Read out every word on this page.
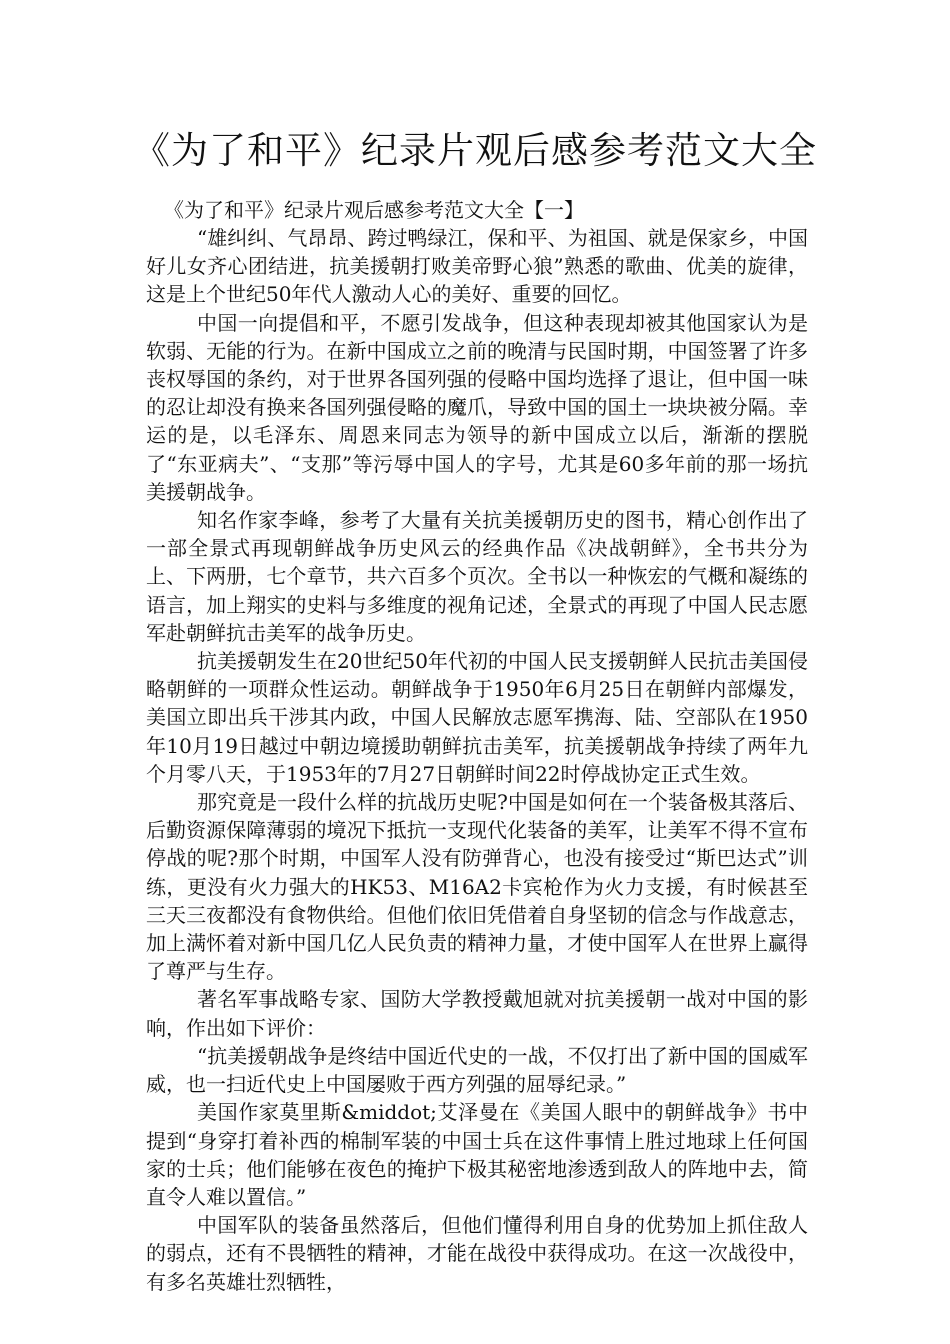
《为了和平》纪录片观后感参考范文大全

《为了和平》纪录片观后感参考范文大全【一】

“雄纠纠、气昂昂、跨过鸭绿江，保和平、为祖国、就是保家乡，中国好儿女齐心团结进，抗美援朝打败美帝野心狼”熟悉的歌曲、优美的旋律，这是上个世纪50年代人激动人心的美好、重要的回忆。

中国一向提倡和平，不愿引发战争，但这种表现却被其他国家认为是软弱、无能的行为。在新中国成立之前的晚清与民国时期，中国签署了许多丧权辱国的条约，对于世界各国列强的侵略中国均选择了退让，但中国一味的忍让却没有换来各国列强侵略的魔爪，导致中国的国土一块块被分隔。幸运的是，以毛泽东、周恩来同志为领导的新中国成立以后，渐渐的摆脱了“东亚病夫”、“支那”等污辱中国人的字号，尤其是60多年前的那一场抗美援朝战争。

知名作家李峰，参考了大量有关抗美援朝历史的图书，精心创作出了一部全景式再现朝鲜战争历史风云的经典作品《决战朝鲜》，全书共分为上、下两册，七个章节，共六百多个页次。全书以一种恢宏的气概和凝练的语言，加上翔实的史料与多维度的视角记述，全景式的再现了中国人民志愿军赴朝鲜抗击美军的战争历史。

抗美援朝发生在20世纪50年代初的中国人民支援朝鲜人民抗击美国侵略朝鲜的一项群众性运动。朝鲜战争于1950年6月25日在朝鲜内部爆发，美国立即出兵干涉其内政，中国人民解放志愿军携海、陆、空部队在1950年10月19日越过中朝边境援助朝鲜抗击美军，抗美援朝战争持续了两年九个月零八天，于1953年的7月27日朝鲜时间22时停战协定正式生效。

那究竟是一段什么样的抗战历史呢?中国是如何在一个装备极其落后、后勤资源保障薄弱的境况下抵抗一支现代化装备的美军，让美军不得不宣布停战的呢?那个时期，中国军人没有防弹背心，也没有接受过“斯巴达式”训练，更没有火力强大的HK53、M16A2卡宾枪作为火力支援，有时候甚至三天三夜都没有食物供给。但他们依旧凭借着自身坚韧的信念与作战意志，加上满怀着对新中国几亿人民负责的精神力量，才使中国军人在世界上赢得了尊严与生存。

著名军事战略专家、国防大学教授戴旭就对抗美援朝一战对中国的影响，作出如下评价：

“抗美援朝战争是终结中国近代史的一战，不仅打出了新中国的国威军威，也一扫近代史上中国屡败于西方列强的屈辱纪录。”

美国作家莫里斯&middot;艾泽曼在《美国人眼中的朝鲜战争》书中提到“身穿打着补西的棉制军装的中国士兵在这件事情上胜过地球上任何国家的士兵；他们能够在夜色的掩护下极其秘密地渗透到敌人的阵地中去，简直令人难以置信。”

中国军队的装备虽然落后，但他们懂得利用自身的优势加上抓住敌人的弱点，还有不畏牺牲的精神，才能在战役中获得成功。在这一次战役中，有多名英雄壮烈牺牲，
